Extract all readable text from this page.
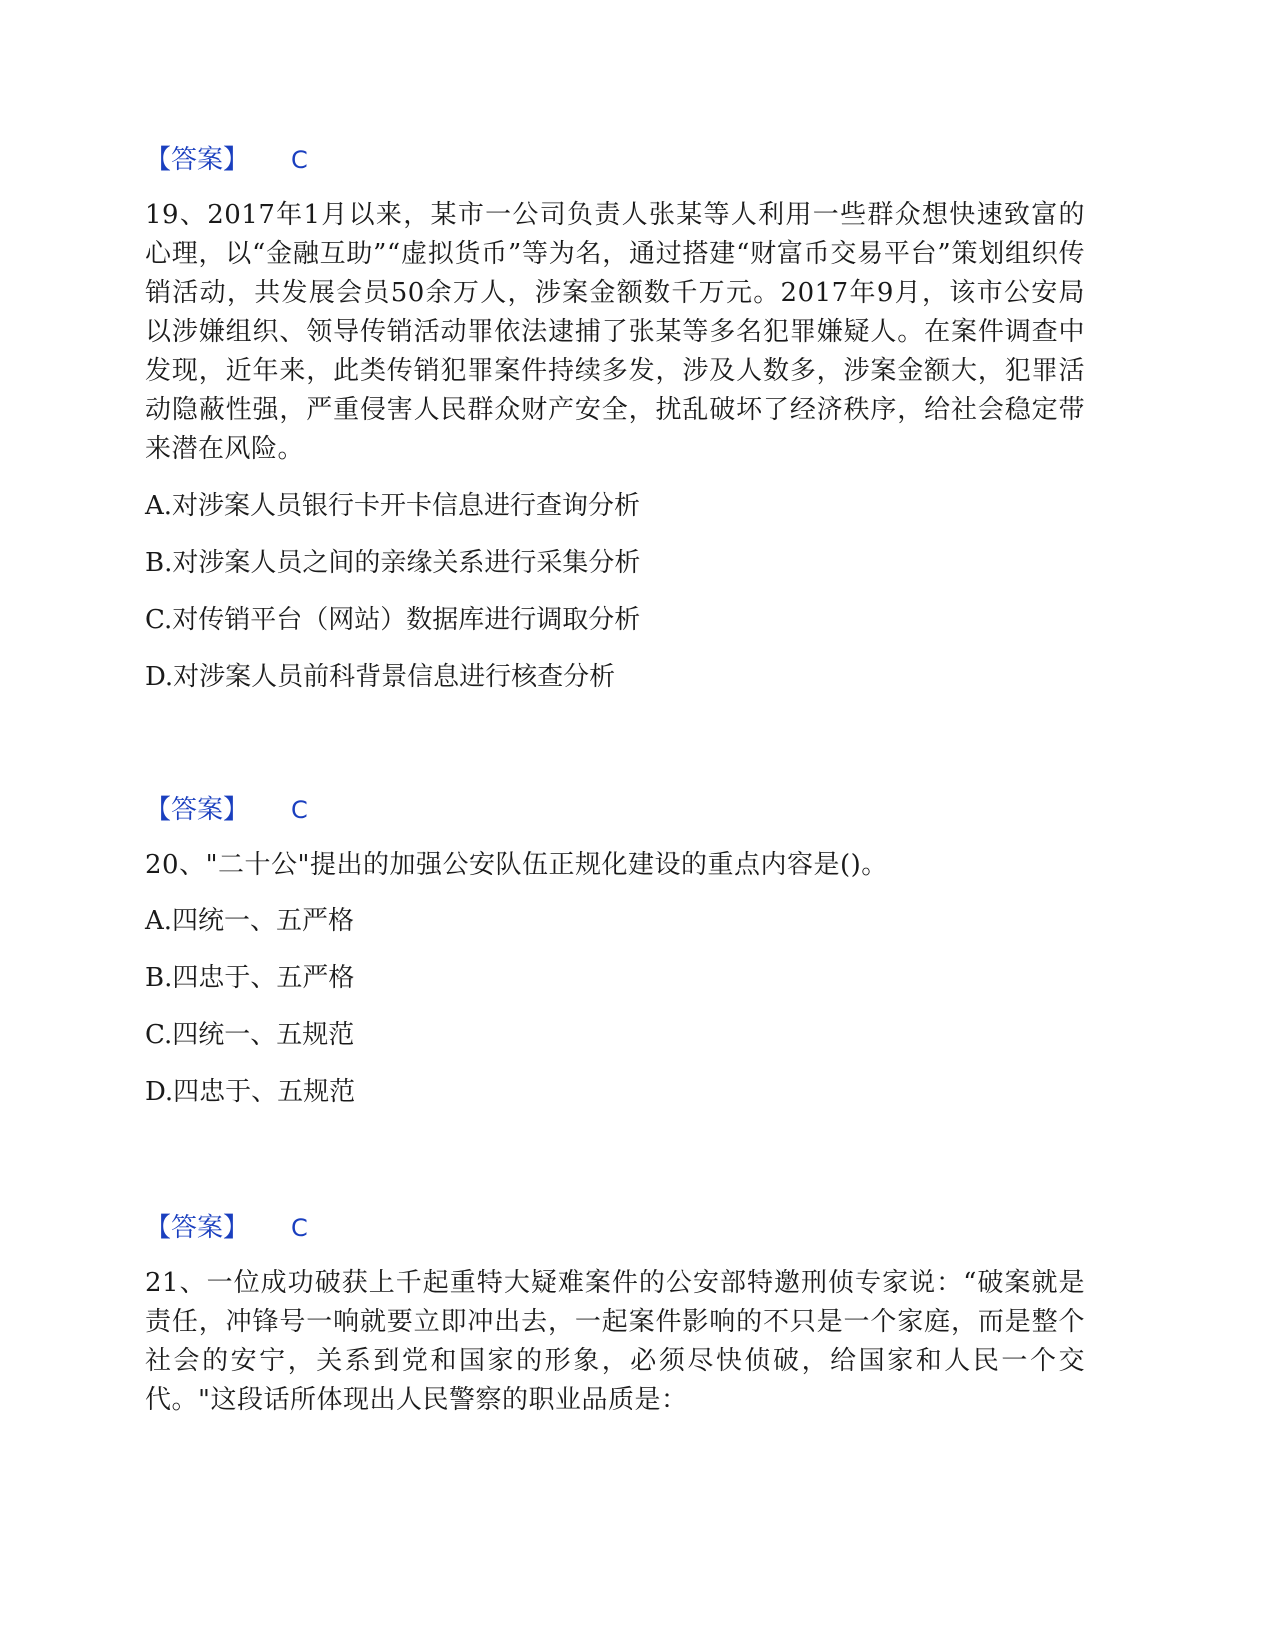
【答案】 C
19、2017年1月以来，某市一公司负责人张某等人利用一些群众想快速致富的心理，以“金融互助”“虚拟货币”等为名，通过搭建“财富币交易平台”策划组织传销活动，共发展会员50余万人，涉案金额数千万元。2017年9月，该市公安局以涉嫌组织、领导传销活动罪依法逮捕了张某等多名犯罪嫌疑人。在案件调查中发现，近年来，此类传销犯罪案件持续多发，涉及人数多，涉案金额大，犯罪活动隐蔽性强，严重侵害人民群众财产安全，扰乱破坏了经济秩序，给社会稳定带来潜在风险。
A.对涉案人员银行卡开卡信息进行查询分析
B.对涉案人员之间的亲缘关系进行采集分析
C.对传销平台（网站）数据库进行调取分析
D.对涉案人员前科背景信息进行核查分析
【答案】 C
20、"二十公"提出的加强公安队伍正规化建设的重点内容是()。
A.四统一、五严格
B.四忠于、五严格
C.四统一、五规范
D.四忠于、五规范
【答案】 C
21、一位成功破获上千起重特大疑难案件的公安部特邀刑侦专家说：“破案就是责任，冲锋号一响就要立即冲出去，一起案件影响的不只是一个家庭，而是整个社会的安宁，关系到党和国家的形象，必须尽快侦破，给国家和人民一个交代。"这段话所体现出人民警察的职业品质是：
